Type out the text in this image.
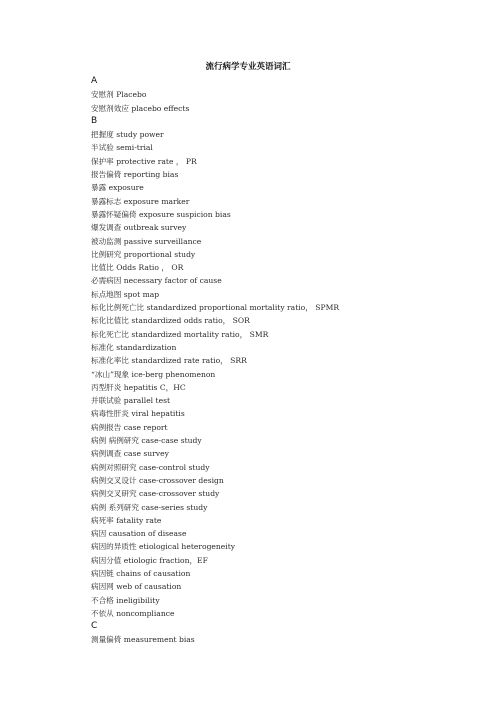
流行病学专业英语词汇
A
安慰剂 Placebo
安慰剂效应 placebo effects
B
把握度 study power
半试验 semi-trial
保护率 protective rate ， PR
报告偏倚 reporting bias
暴露 exposure
暴露标志 exposure marker
暴露怀疑偏倚 exposure suspicion bias
爆发调查 outbreak survey
被动监测 passive surveillance
比例研究 proportional study
比值比 Odds Ratio ， OR
必需病因 necessary factor of cause
标点地图 spot map
标化比例死亡比 standardized proportional mortality ratio， SPMR
标化比值比 standardized odds ratio， SOR
标化死亡比 standardized mortality ratio， SMR
标准化 standardization
标准化率比 standardized rate ratio， SRR
“冰山”现象 ice-berg phenomenon
丙型肝炎 hepatitis C，HC
并联试验 parallel test
病毒性肝炎 viral hepatitis
病例报告 case report
病例 病例研究 case-case study
病例调查 case survey
病例对照研究 case-control study
病例交叉设计 case-crossover design
病例交叉研究 case-crossover study
病例 系列研究 case-series study
病死率 fatality rate
病因 causation of disease
病因的异质性 etiological heterogeneity
病因分值 etiologic fraction，EF
病因链 chains of causation
病因网 web of causation
不合格 ineligibility
不依从 noncompliance
C
测量偏倚 measurement bias
